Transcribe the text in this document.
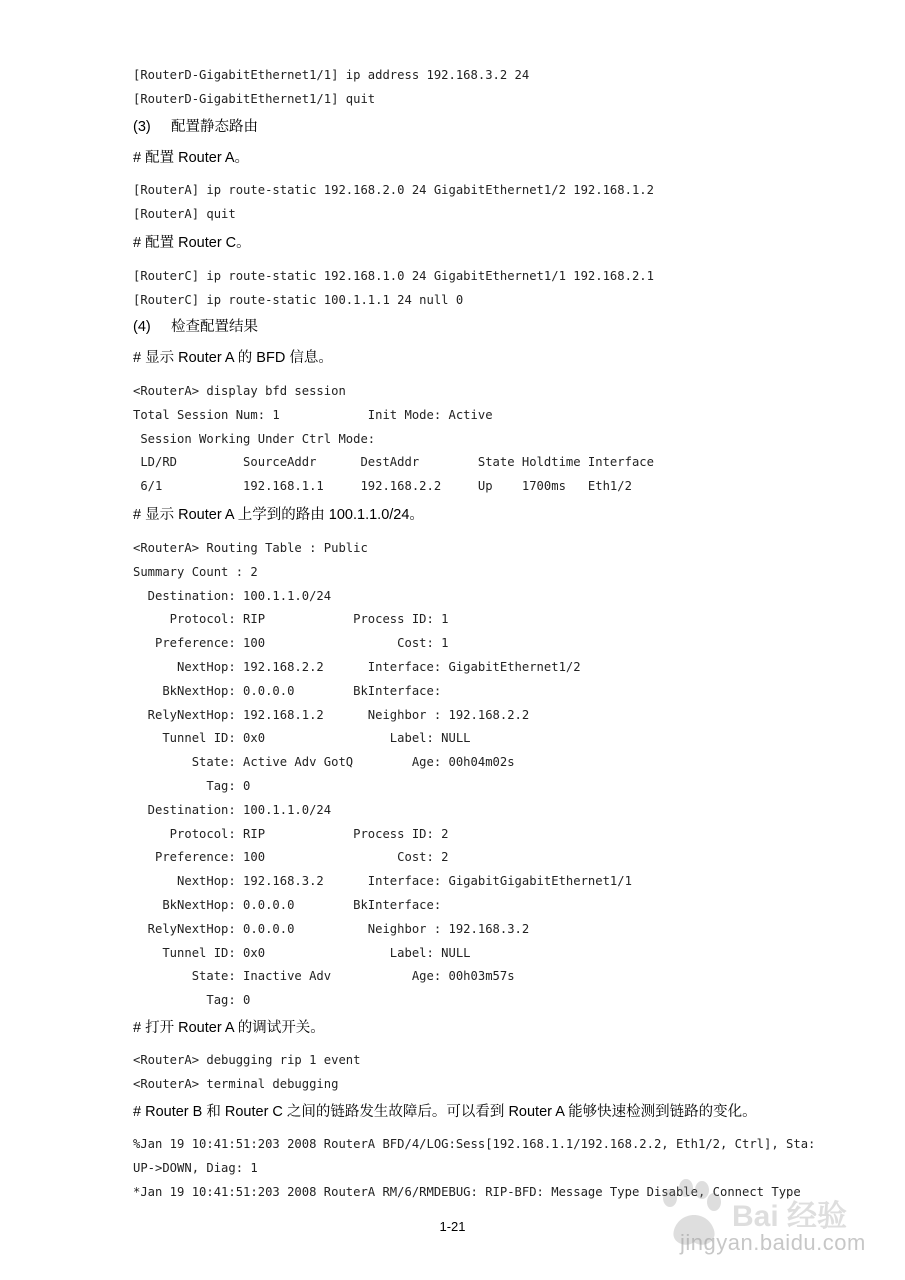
[RouterD-GigabitEthernet1/1] ip address 192.168.3.2 24
[RouterD-GigabitEthernet1/1] quit

(3) 配置静态路由

# 配置 Router A。

[RouterA] ip route-static 192.168.2.0 24 GigabitEthernet1/2 192.168.1.2
[RouterA] quit

# 配置 Router C。

[RouterC] ip route-static 192.168.1.0 24 GigabitEthernet1/1 192.168.2.1
[RouterC] ip route-static 100.1.1.1 24 null 0

(4) 检查配置结果

# 显示 Router A 的 BFD 信息。

<RouterA> display bfd session
Total Session Num: 1            Init Mode: Active
Session Working Under Ctrl Mode:
LD/RD         SourceAddr      DestAddr        State Holdtime Interface
6/1           192.168.1.1     192.168.2.2     Up    1700ms   Eth1/2

# 显示 Router A 上学到的路由 100.1.1.0/24。

<RouterA> Routing Table : Public
Summary Count : 2
Destination: 100.1.1.0/24
Protocol: RIP            Process ID: 1
Preference: 100                  Cost: 1
NextHop: 192.168.2.2      Interface: GigabitEthernet1/2
BkNextHop: 0.0.0.0        BkInterface:
RelyNextHop: 192.168.1.2      Neighbor : 192.168.2.2
Tunnel ID: 0x0                 Label: NULL
State: Active Adv GotQ        Age: 00h04m02s
Tag: 0
Destination: 100.1.1.0/24
Protocol: RIP            Process ID: 2
Preference: 100                  Cost: 2
NextHop: 192.168.3.2      Interface: GigabitGigabitEthernet1/1
BkNextHop: 0.0.0.0        BkInterface:
RelyNextHop: 0.0.0.0          Neighbor : 192.168.3.2
Tunnel ID: 0x0                 Label: NULL
State: Inactive Adv           Age: 00h03m57s
Tag: 0

# 打开 Router A 的调试开关。

<RouterA> debugging rip 1 event
<RouterA> terminal debugging

# Router B 和 Router C 之间的链路发生故障后。可以看到 Router A 能够快速检测到链路的变化。

%Jan 19 10:41:51:203 2008 RouterA BFD/4/LOG:Sess[192.168.1.1/192.168.2.2, Eth1/2, Ctrl], Sta:
UP->DOWN, Diag: 1
*Jan 19 10:41:51:203 2008 RouterA RM/6/RMDEBUG: RIP-BFD: Message Type Disable, Connect Type
Bai 经验
jingyan.baidu.com
1-21
